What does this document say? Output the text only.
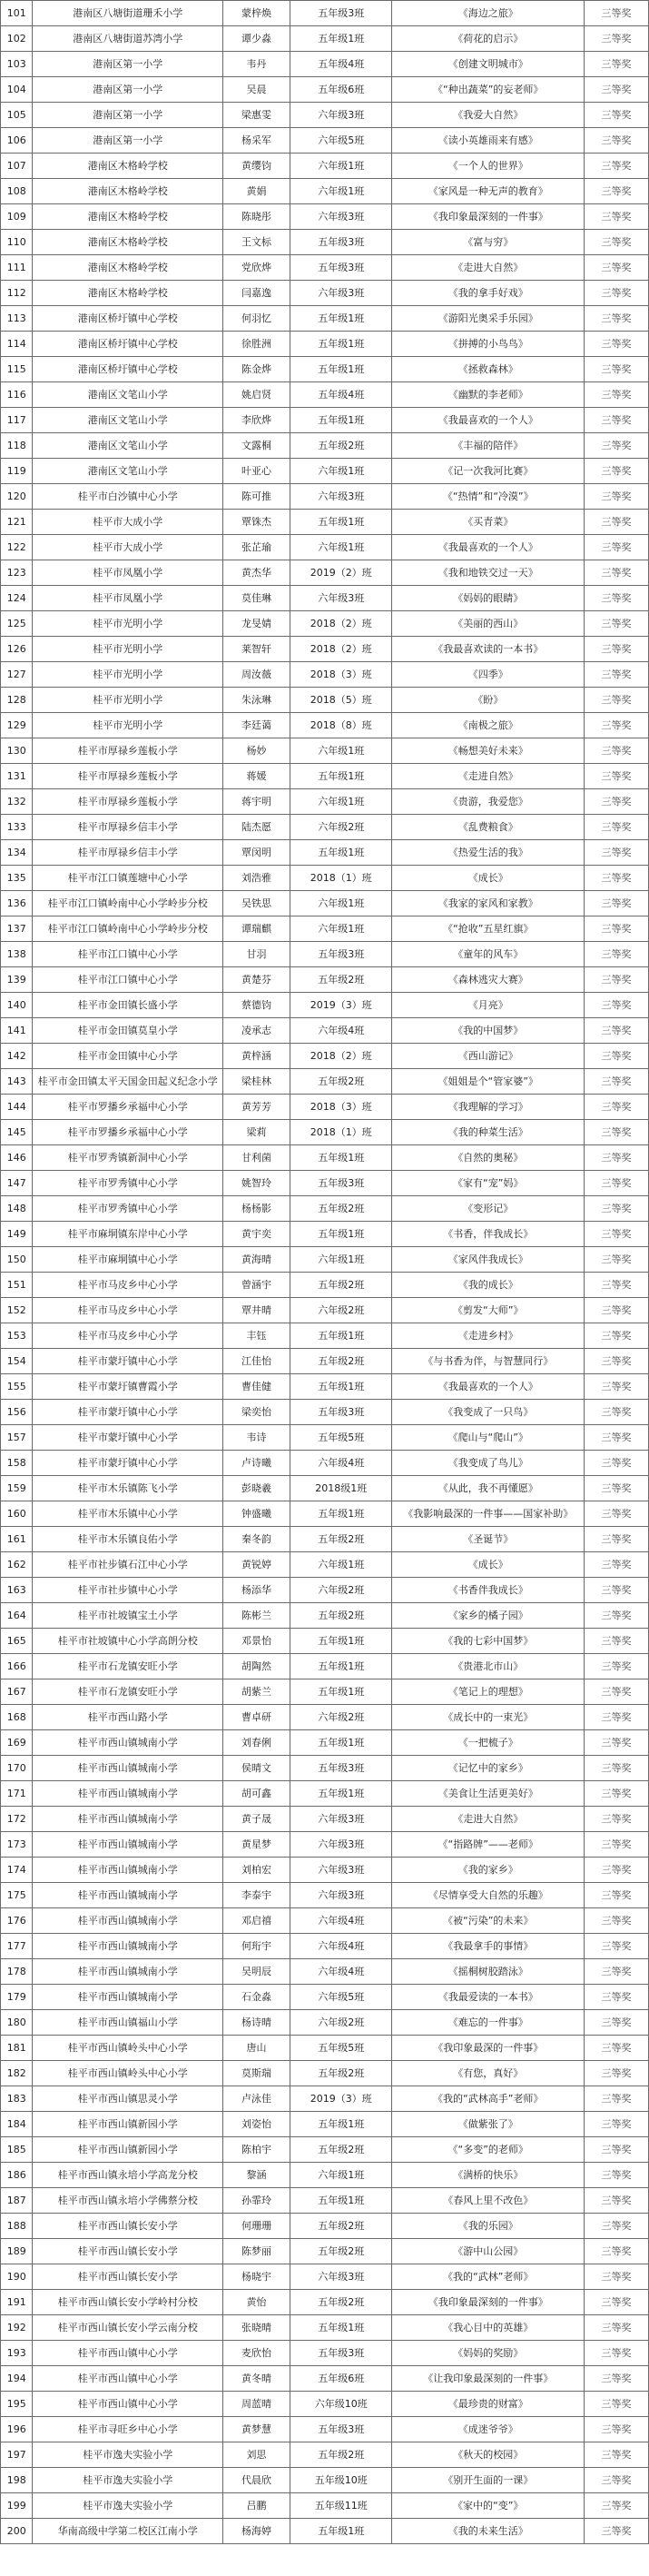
101	港南区八塘街道珊禾小学	蒙梓焕	五年级3班	《海边之旅》	三等奖
102	港南区八塘街道苏湾小学	谭少淼	五年级1班	《荷花的启示》	三等奖
103	港南区第一小学	韦丹	五年级4班	《创建文明城市》	三等奖
104	港南区第一小学	吴晨	五年级6班	《“种出蔬菜”的妄老师》	三等奖
105	港南区第一小学	梁惠雯	六年级3班	《我爱大自然》	三等奖
106	港南区第一小学	杨采军	六年级5班	《读小英雄雨来有感》	三等奖
107	港南区木格岭学校	黄缨钧	六年级1班	《一个人的世界》	三等奖
108	港南区木格岭学校	黄娟	六年级1班	《家风是一种无声的教育》	三等奖
109	港南区木格岭学校	陈晓彤	六年级3班	《我印象最深刻的一件事》	三等奖
110	港南区木格岭学校	王文标	五年级3班	《富与穷》	三等奖
111	港南区木格岭学校	党欣烨	五年级3班	《走进大自然》	三等奖
112	港南区木格岭学校	闫嘉逸	六年级3班	《我的拿手好戏》	三等奖
113	港南区桥圩镇中心学校	何羽忆	五年级1班	《游阳光奥采手乐园》	三等奖
114	港南区桥圩镇中心学校	徐胜洲	五年级1班	《拼搏的小鸟鸟》	三等奖
115	港南区桥圩镇中心学校	陈金烨	五年级1班	《拯救森林》	三等奖
116	港南区文笔山小学	姚启贤	五年级4班	《幽默的李老师》	三等奖
117	港南区文笔山小学	李欣烨	五年级1班	《我最喜欢的一个人》	三等奖
118	港南区文笔山小学	文露桐	五年级2班	《丰福的陪伴》	三等奖
119	港南区文笔山小学	叶亚心	六年级1班	《记一次我河比赛》	三等奖
120	桂平市白沙镇中心小学	陈可推	六年级3班	《“热情”和“冷漠”》	三等奖
121	桂平市大成小学	覃铢杰	五年级1班	《买青菜》	三等奖
122	桂平市大成小学	张芷瑜	六年级1班	《我最喜欢的一个人》	三等奖
123	桂平市凤凰小学	黄杰华	2019（2）班	《我和地铁交过一天》	三等奖
124	桂平市凤凰小学	莫佳琳	六年级3班	《妈妈的眼睛》	三等奖
125	桂平市光明小学	龙旻婧	2018（2）班	《美丽的西山》	三等奖
126	桂平市光明小学	莱智轩	2018（2）班	《我最喜欢读的一本书》	三等奖
127	桂平市光明小学	周汝薇	2018（3）班	《四季》	三等奖
128	桂平市光明小学	朱泳琳	2018（5）班	《盼》	三等奖
129	桂平市光明小学	李廷蔼	2018（8）班	《南极之旅》	三等奖
130	桂平市厚禄乡莲板小学	杨妙	六年级1班	《畅想美好未来》	三等奖
131	桂平市厚禄乡莲板小学	蒋媛	五年级1班	《走进自然》	三等奖
132	桂平市厚禄乡莲板小学	蒋宇明	六年级1班	《贵游，我爱您》	三等奖
133	桂平市厚禄乡信丰小学	陆杰愿	六年级2班	《乱费粮食》	三等奖
134	桂平市厚禄乡信丰小学	覃闵明	五年级1班	《热爱生活的我》	三等奖
135	桂平市江口镇莲塘中心小学	刘浩雅	2018（1）班	《成长》	三等奖
136	桂平市江口镇岭南中心小学岭步分校	吴铁思	六年级1班	《我家的家风和家教》	三等奖
137	桂平市江口镇岭南中心小学岭步分校	谭瑞麒	六年级1班	《“抢收”五星红旗》	三等奖
138	桂平市江口镇中心小学	甘羽	五年级3班	《童年的风车》	三等奖
139	桂平市江口镇中心小学	黄楚芬	五年级2班	《森林逃灾大赛》	三等奖
140	桂平市金田镇长盛小学	蔡德钧	2019（3）班	《月亮》	三等奖
141	桂平市金田镇莫皇小学	凌承志	六年级4班	《我的中国梦》	三等奖
142	桂平市金田镇中心小学	黄梓涵	2018（2）班	《西山游记》	三等奖
143	桂平市金田镇太平天国金田起义纪念小学	梁桂林	五年级2班	《姐姐是个“管家婆”》	三等奖
144	桂平市罗播乡承福中心小学	黄芳芳	2018（3）班	《我理解的学习》	三等奖
145	桂平市罗播乡承福中心小学	梁莉	2018（1）班	《我的种菜生活》	三等奖
146	桂平市罗秀镇新洞中心小学	甘利菌	五年级1班	《自然的奥秘》	三等奖
147	桂平市罗秀镇中心小学	姚智玲	五年级3班	《家有“宠”妈》	三等奖
148	桂平市罗秀镇中心小学	杨杨影	五年级2班	《变形记》	三等奖
149	桂平市麻垌镇东岸中心小学	黄宇奕	五年级1班	《书香，伴我成长》	三等奖
150	桂平市麻垌镇中心小学	黄海晴	六年级1班	《家风伴我成长》	三等奖
151	桂平市马皮乡中心小学	曾涵宇	五年级2班	《我的成长》	三等奖
152	桂平市马皮乡中心小学	覃井晴	六年级2班	《剪发“大师”》	三等奖
153	桂平市马皮乡中心小学	丰钰	五年级1班	《走进乡村》	三等奖
154	桂平市蒙圩镇中心小学	江佳怡	五年级2班	《与书香为伴，与智慧同行》	三等奖
155	桂平市蒙圩镇曹霞小学	曹佳健	五年级1班	《我最喜欢的一个人》	三等奖
156	桂平市蒙圩镇中心小学	梁奕怡	五年级3班	《我变成了一只鸟》	三等奖
157	桂平市蒙圩镇中心小学	韦诗	五年级5班	《爬山与“爬山”》	三等奖
158	桂平市蒙圩镇中心小学	卢诗曦	六年级4班	《我变成了鸟儿》	三等奖
159	桂平市木乐镇陈飞小学	彭晓羲	2018级1班	《从此，我不再懂愿》	三等奖
160	桂平市木乐镇中心小学	钟盛曦	五年级1班	《我影响最深的一件事——国家补助》	三等奖
161	桂平市木乐镇良佑小学	秦冬韵	五年级2班	《圣诞节》	三等奖
162	桂平市社步镇石江中心小学	黄锐婷	六年级1班	《成长》	三等奖
163	桂平市社步镇中心小学	杨添华	六年级2班	《书香伴我成长》	三等奖
164	桂平市社坡镇宝土小学	陈彬兰	五年级2班	《家乡的橘子园》	三等奖
165	桂平市社坡镇中心小学高朗分校	邓景怡	五年级1班	《我的七彩中国梦》	三等奖
166	桂平市石龙镇安旺小学	胡陶然	五年级1班	《贵港北市山》	三等奖
167	桂平市石龙镇安旺小学	胡紫兰	五年级1班	《笔记上的理想》	三等奖
168	桂平市西山路小学	曹卓研	六年级2班	《成长中的一束光》	三等奖
169	桂平市西山镇城南小学	刘春俐	五年级1班	《一把梳子》	三等奖
170	桂平市西山镇城南小学	侯晴文	五年级3班	《记忆中的家乡》	三等奖
171	桂平市西山镇城南小学	胡可鑫	五年级1班	《美食让生活更美好》	三等奖
172	桂平市西山镇城南小学	黄子晟	六年级3班	《走进大自然》	三等奖
173	桂平市西山镇城南小学	黄星梦	六年级3班	《“指路牌”——老师》	三等奖
174	桂平市西山镇城南小学	刘柏宏	六年级3班	《我的家乡》	三等奖
175	桂平市西山镇城南小学	李泰宇	六年级3班	《尽情享受大自然的乐趣》	三等奖
176	桂平市西山镇城南小学	邓启禧	六年级4班	《被“污染”的未来》	三等奖
177	桂平市西山镇城南小学	何珩宇	六年级4班	《我最拿手的事情》	三等奖
178	桂平市西山镇城南小学	吴明辰	六年级4班	《摇桐树胶踏泳》	三等奖
179	桂平市西山镇城南小学	石金淼	六年级5班	《我最爱读的一本书》	三等奖
180	桂平市西山镇福山小学	杨诗晴	六年级2班	《难忘的一件事》	三等奖
181	桂平市西山镇岭头中心小学	唐山	五年级5班	《我印象最深的一件事》	三等奖
182	桂平市西山镇岭头中心小学	莫斯瑞	五年级2班	《有您，真好》	三等奖
183	桂平市西山镇思灵小学	卢泳佳	2019（3）班	《我的“武林高手”老师》	三等奖
184	桂平市西山镇新园小学	刘姿怡	五年级1班	《做紫张了》	三等奖
185	桂平市西山镇新园小学	陈柏宇	五年级2班	《“多变”的老师》	三等奖
186	桂平市西山镇永培小学高龙分校	黎涵	六年级1班	《满桥的快乐》	三等奖
187	桂平市西山镇永培小学佛蔡分校	孙霏玲	五年级1班	《春风上里不改色》	三等奖
188	桂平市西山镇长安小学	何珊珊	五年级2班	《我的乐园》	三等奖
189	桂平市西山镇长安小学	陈梦丽	五年级2班	《游中山公园》	三等奖
190	桂平市西山镇长安小学	杨晓宇	六年级3班	《我的“武林”老师》	三等奖
191	桂平市西山镇长安小学岭村分校	黄怡	五年级2班	《我印象最深刻的一件事》	三等奖
192	桂平市西山镇长安小学云南分校	张晓晴	五年级1班	《我心目中的英雄》	三等奖
193	桂平市西山镇中心小学	麦欣怡	五年级3班	《妈妈的奖励》	三等奖
194	桂平市西山镇中心小学	黄冬晴	五年级6班	《让我印象最深刻的一件事》	三等奖
195	桂平市西山镇中心小学	周蓝晴	六年级10班	《最珍贵的财富》	三等奖
196	桂平市寻旺乡中心小学	黄梦慧	五年级3班	《成迷爷爷》	三等奖
197	桂平市逸夫实验小学	刘思	五年级2班	《秋天的校园》	三等奖
198	桂平市逸夫实验小学	代晨欣	五年级10班	《别开生面的一课》	三等奖
199	桂平市逸夫实验小学	吕鹏	五年级11班	《家中的“变”》	三等奖
200	华南高级中学第二校区江南小学	杨海婷	五年级1班	《我的未来生活》	三等奖
